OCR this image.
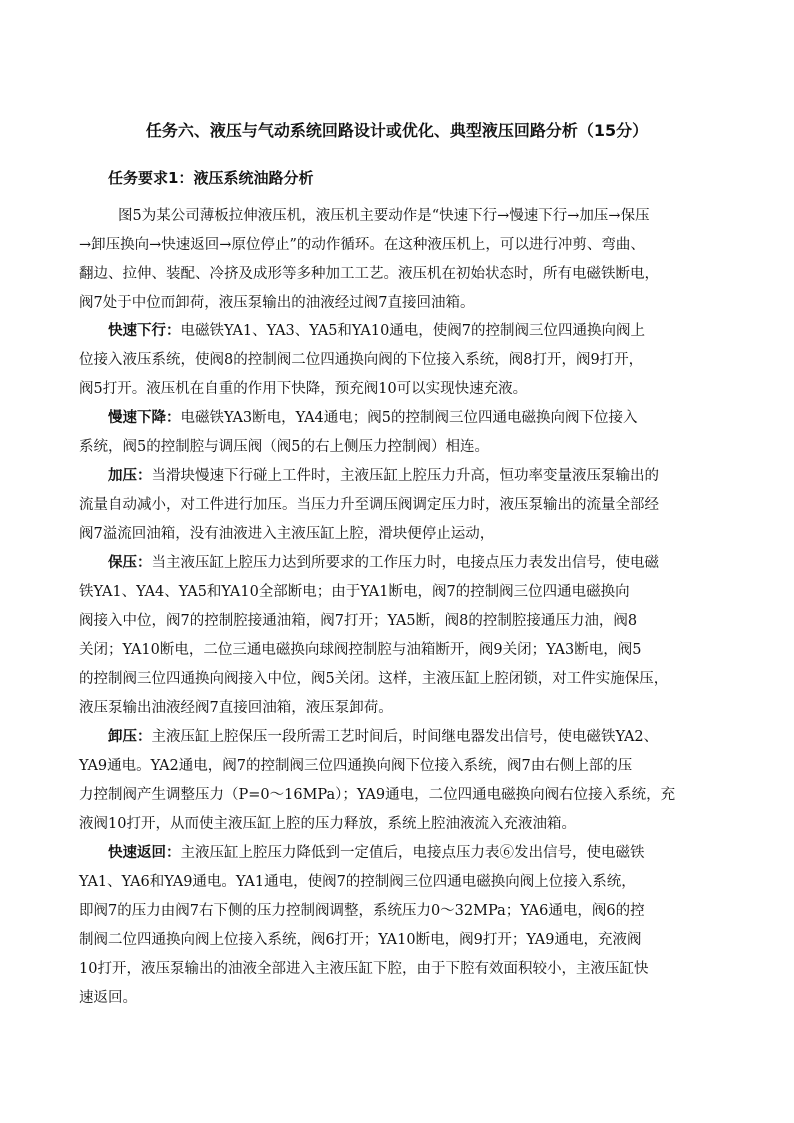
任务六、液压与气动系统回路设计或优化、典型液压回路分析（15分）
任务要求1：液压系统油路分析
图5为某公司薄板拉伸液压机，液压机主要动作是“快速下行→慢速下行→加压→保压
→卸压换向→快速返回→原位停止”的动作循环。在这种液压机上，可以进行冲剪、弯曲、
翻边、拉伸、装配、冷挤及成形等多种加工工艺。液压机在初始状态时，所有电磁铁断电，
阀7处于中位而卸荷，液压泵输出的油液经过阀7直接回油箱。
快速下行：电磁铁YA1、YA3、YA5和YA10通电，使阀7的控制阀三位四通换向阀上
位接入液压系统，使阀8的控制阀二位四通换向阀的下位接入系统，阀8打开，阀9打开，
阀5打开。液压机在自重的作用下快降，预充阀10可以实现快速充液。
慢速下降：电磁铁YA3断电，YA4通电；阀5的控制阀三位四通电磁换向阀下位接入
系统，阀5的控制腔与调压阀（阀5的右上侧压力控制阀）相连。
加压：当滑块慢速下行碰上工件时，主液压缸上腔压力升高，恒功率变量液压泵输出的
流量自动减小，对工件进行加压。当压力升至调压阀调定压力时，液压泵输出的流量全部经
阀7溢流回油箱，没有油液进入主液压缸上腔，滑块便停止运动，
保压：当主液压缸上腔压力达到所要求的工作压力时，电接点压力表发出信号，使电磁
铁YA1、YA4、YA5和YA10全部断电；由于YA1断电，阀7的控制阀三位四通电磁换向
阀接入中位，阀7的控制腔接通油箱，阀7打开；YA5断，阀8的控制腔接通压力油，阀8
关闭；YA10断电，二位三通电磁换向球阀控制腔与油箱断开，阀9关闭；YA3断电，阀5
的控制阀三位四通换向阀接入中位，阀5关闭。这样，主液压缸上腔闭锁，对工件实施保压，
液压泵输出油液经阀7直接回油箱，液压泵卸荷。
卸压：主液压缸上腔保压一段所需工艺时间后，时间继电器发出信号，使电磁铁YA2、
YA9通电。YA2通电，阀7的控制阀三位四通换向阀下位接入系统，阀7由右侧上部的压
力控制阀产生调整压力（P=0～16MPa）；YA9通电，二位四通电磁换向阀右位接入系统，充
液阀10打开，从而使主液压缸上腔的压力释放，系统上腔油液流入充液油箱。
快速返回：主液压缸上腔压力降低到一定值后，电接点压力表⑥发出信号，使电磁铁
YA1、YA6和YA9通电。YA1通电，使阀7的控制阀三位四通电磁换向阀上位接入系统，
即阀7的压力由阀7右下侧的压力控制阀调整，系统压力0～32MPa；YA6通电，阀6的控
制阀二位四通换向阀上位接入系统，阀6打开；YA10断电，阀9打开；YA9通电，充液阀
10打开，液压泵输出的油液全部进入主液压缸下腔，由于下腔有效面积较小，主液压缸快
速返回。
